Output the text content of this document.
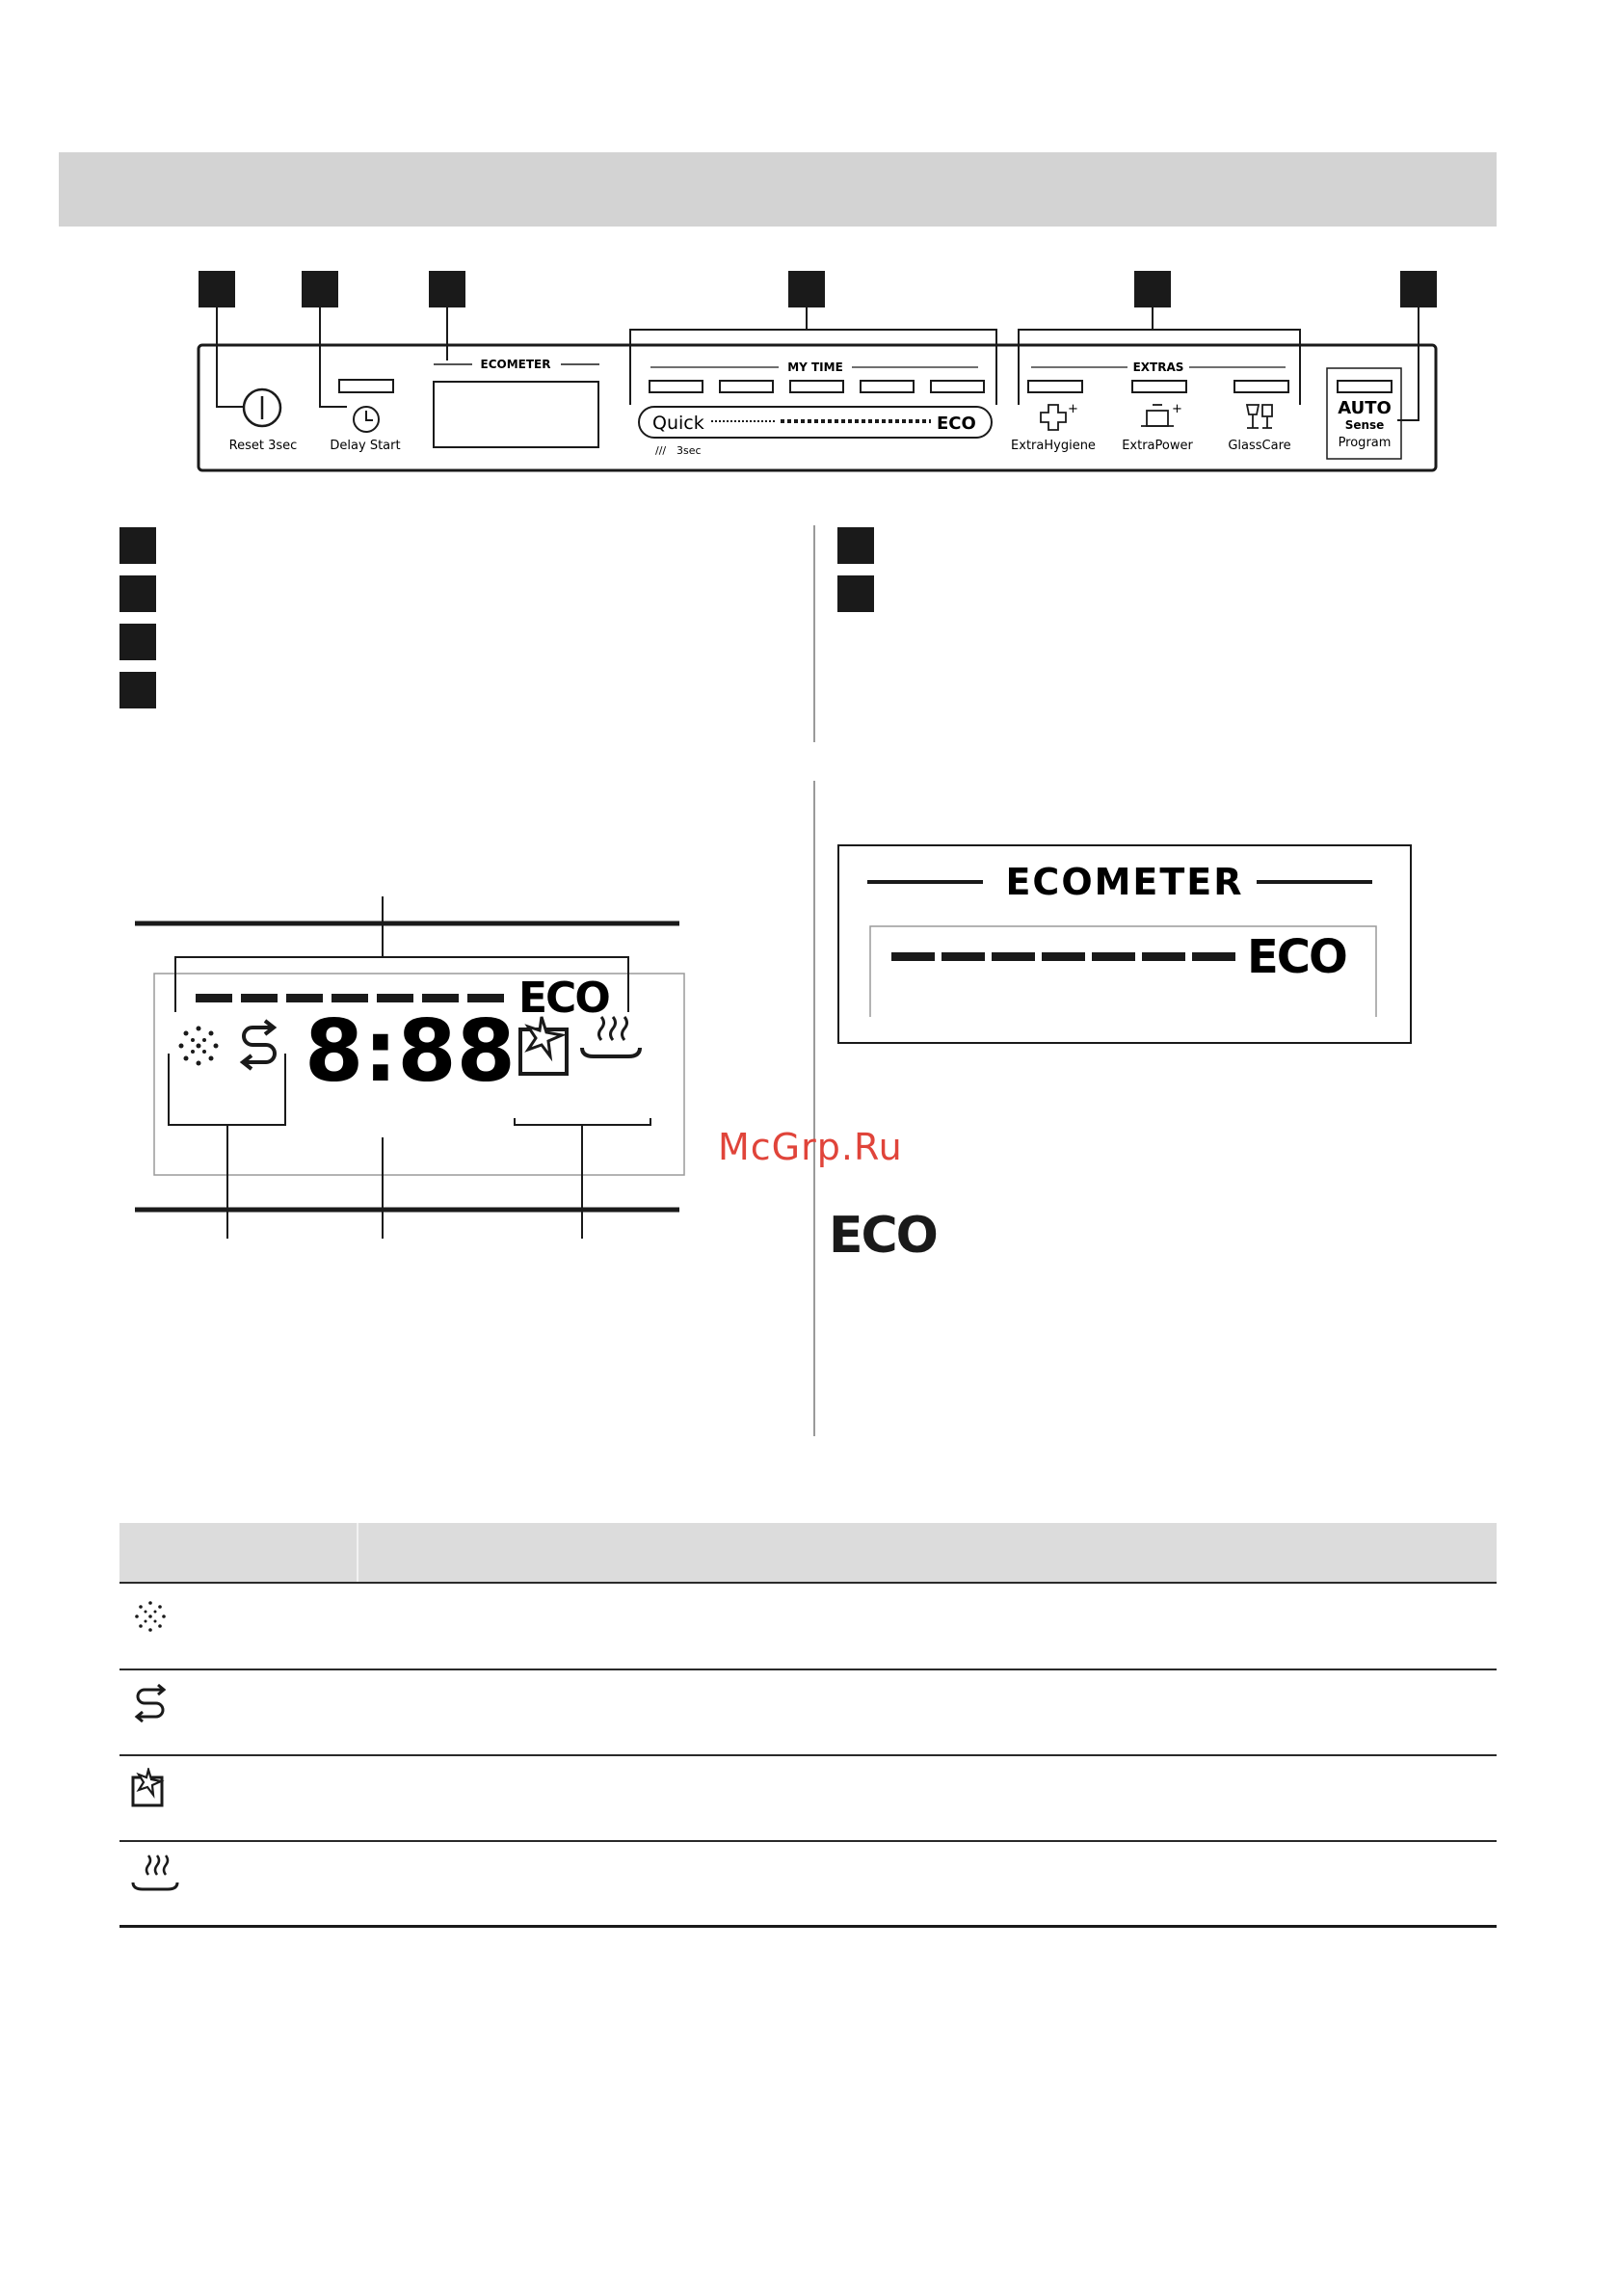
Reset 3sec	Delay Start
ECOMETER	MY TIME
Quick	ECO
/// 3sec
EXTRAS
+
ExtraHygiene
+
ExtraPower	GlassCare
AUTO
Sense
Program
ECO
8:88
ECOMETER
ECO
McGrp.Ru
ECO
